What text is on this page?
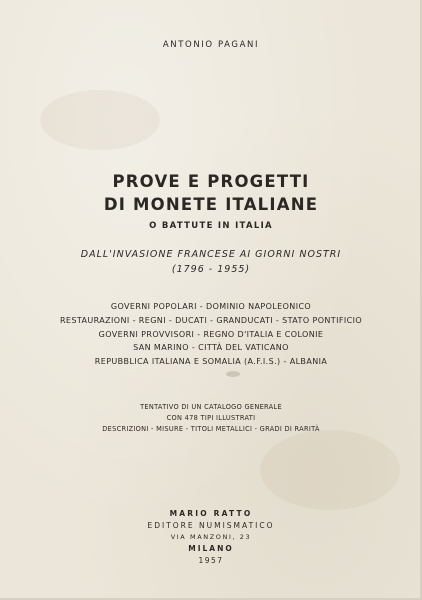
ANTONIO PAGANI
PROVE E PROGETTI
DI MONETE ITALIANE
O BATTUTE IN ITALIA
DALL'INVASIONE FRANCESE AI GIORNI NOSTRI
(1796 - 1955)
GOVERNI POPOLARI - DOMINIO NAPOLEONICO
RESTAURAZIONI - REGNI - DUCATI - GRANDUCATI - STATO PONTIFICIO
GOVERNI PROVVISORI - REGNO D'ITALIA E COLONIE
SAN MARINO - CITTÀ DEL VATICANO
REPUBBLICA ITALIANA E SOMALIA (A.F.I.S.) - ALBANIA
TENTATIVO DI UN CATALOGO GENERALE
CON 478 TIPI ILLUSTRATI
DESCRIZIONI - MISURE - TITOLI METALLICI - GRADI DI RARITÀ
MARIO RATTO
EDITORE NUMISMATICO
VIA MANZONI, 23
MILANO
1957
